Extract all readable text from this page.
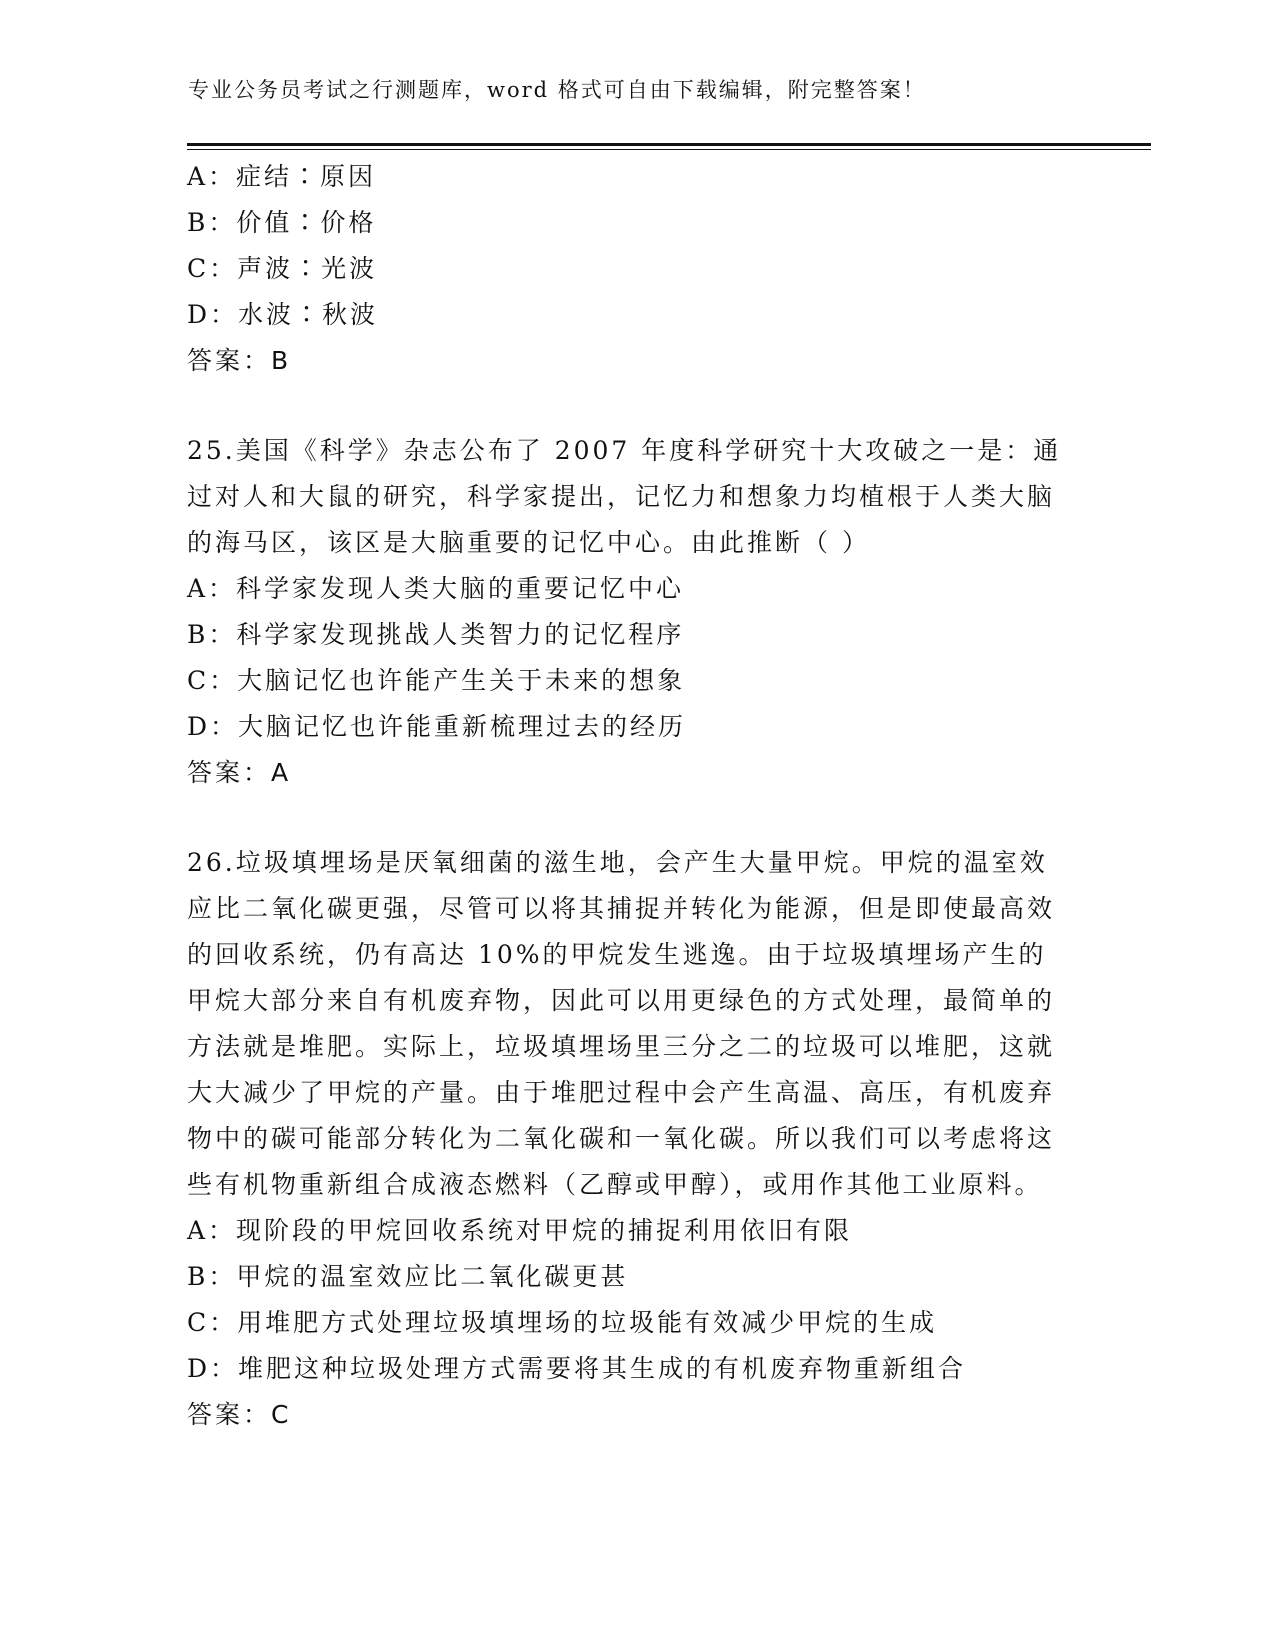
专业公务员考试之行测题库，word 格式可自由下载编辑，附完整答案！
A：症结∶原因
B：价值∶价格
C：声波∶光波
D：水波∶秋波
答案：B
25.美国《科学》杂志公布了 2007 年度科学研究十大攻破之一是：通过对人和大鼠的研究，科学家提出，记忆力和想象力均植根于人类大脑的海马区，该区是大脑重要的记忆中心。由此推断（ ）
A：科学家发现人类大脑的重要记忆中心
B：科学家发现挑战人类智力的记忆程序
C：大脑记忆也许能产生关于未来的想象
D：大脑记忆也许能重新梳理过去的经历
答案：A
26.垃圾填埋场是厌氧细菌的滋生地，会产生大量甲烷。甲烷的温室效应比二氧化碳更强，尽管可以将其捕捉并转化为能源，但是即使最高效的回收系统，仍有高达 10%的甲烷发生逃逸。由于垃圾填埋场产生的甲烷大部分来自有机废弃物，因此可以用更绿色的方式处理，最简单的方法就是堆肥。实际上，垃圾填埋场里三分之二的垃圾可以堆肥，这就大大减少了甲烷的产量。由于堆肥过程中会产生高温、高压，有机废弃物中的碳可能部分转化为二氧化碳和一氧化碳。所以我们可以考虑将这些有机物重新组合成液态燃料（乙醇或甲醇），或用作其他工业原料。
A：现阶段的甲烷回收系统对甲烷的捕捉利用依旧有限
B：甲烷的温室效应比二氧化碳更甚
C：用堆肥方式处理垃圾填埋场的垃圾能有效减少甲烷的生成
D：堆肥这种垃圾处理方式需要将其生成的有机废弃物重新组合
答案：C
